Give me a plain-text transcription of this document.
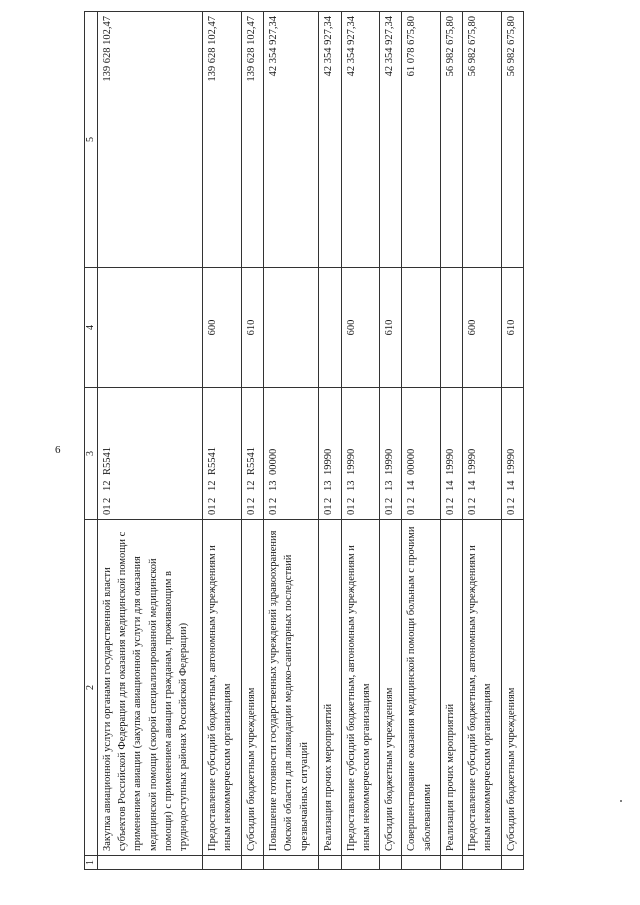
6
1	2	3	4	5
	Закупка авиационной услуги органами государственной власти субъектов Российской Федерации для оказания медицинской помощи с применением авиации (закупка авиационной услуги для оказания медицинской помощи (скорой специализированной медицинской помощи) с применением авиации гражданам, проживающим в труднодоступных районах Российской Федерации)	01212R5541		139 628 102,47
	Предоставление субсидий бюджетным, автономным учреждениям и иным некоммерческим организациям	01212R5541	600	139 628 102,47
	Субсидии бюджетным учреждениям	01212R5541	610	139 628 102,47
	Повышение готовности государственных учреждений здравоохранения Омской области для ликвидации медико-санитарных последствий чрезвычайных ситуаций	0121300000		42 354 927,34
	Реализация прочих мероприятий	0121319990		42 354 927,34
	Предоставление субсидий бюджетным, автономным учреждениям и иным некоммерческим организациям	0121319990	600	42 354 927,34
	Субсидии бюджетным учреждениям	0121319990	610	42 354 927,34
	Совершенствование оказания медицинской помощи больным с прочими заболеваниями	0121400000		61 078 675,80
	Реализация прочих мероприятий	0121419990		56 982 675,80
	Предоставление субсидий бюджетным, автономным учреждениям и иным некоммерческим организациям	0121419990	600	56 982 675,80
	Субсидии бюджетным учреждениям	0121419990	610	56 982 675,80
